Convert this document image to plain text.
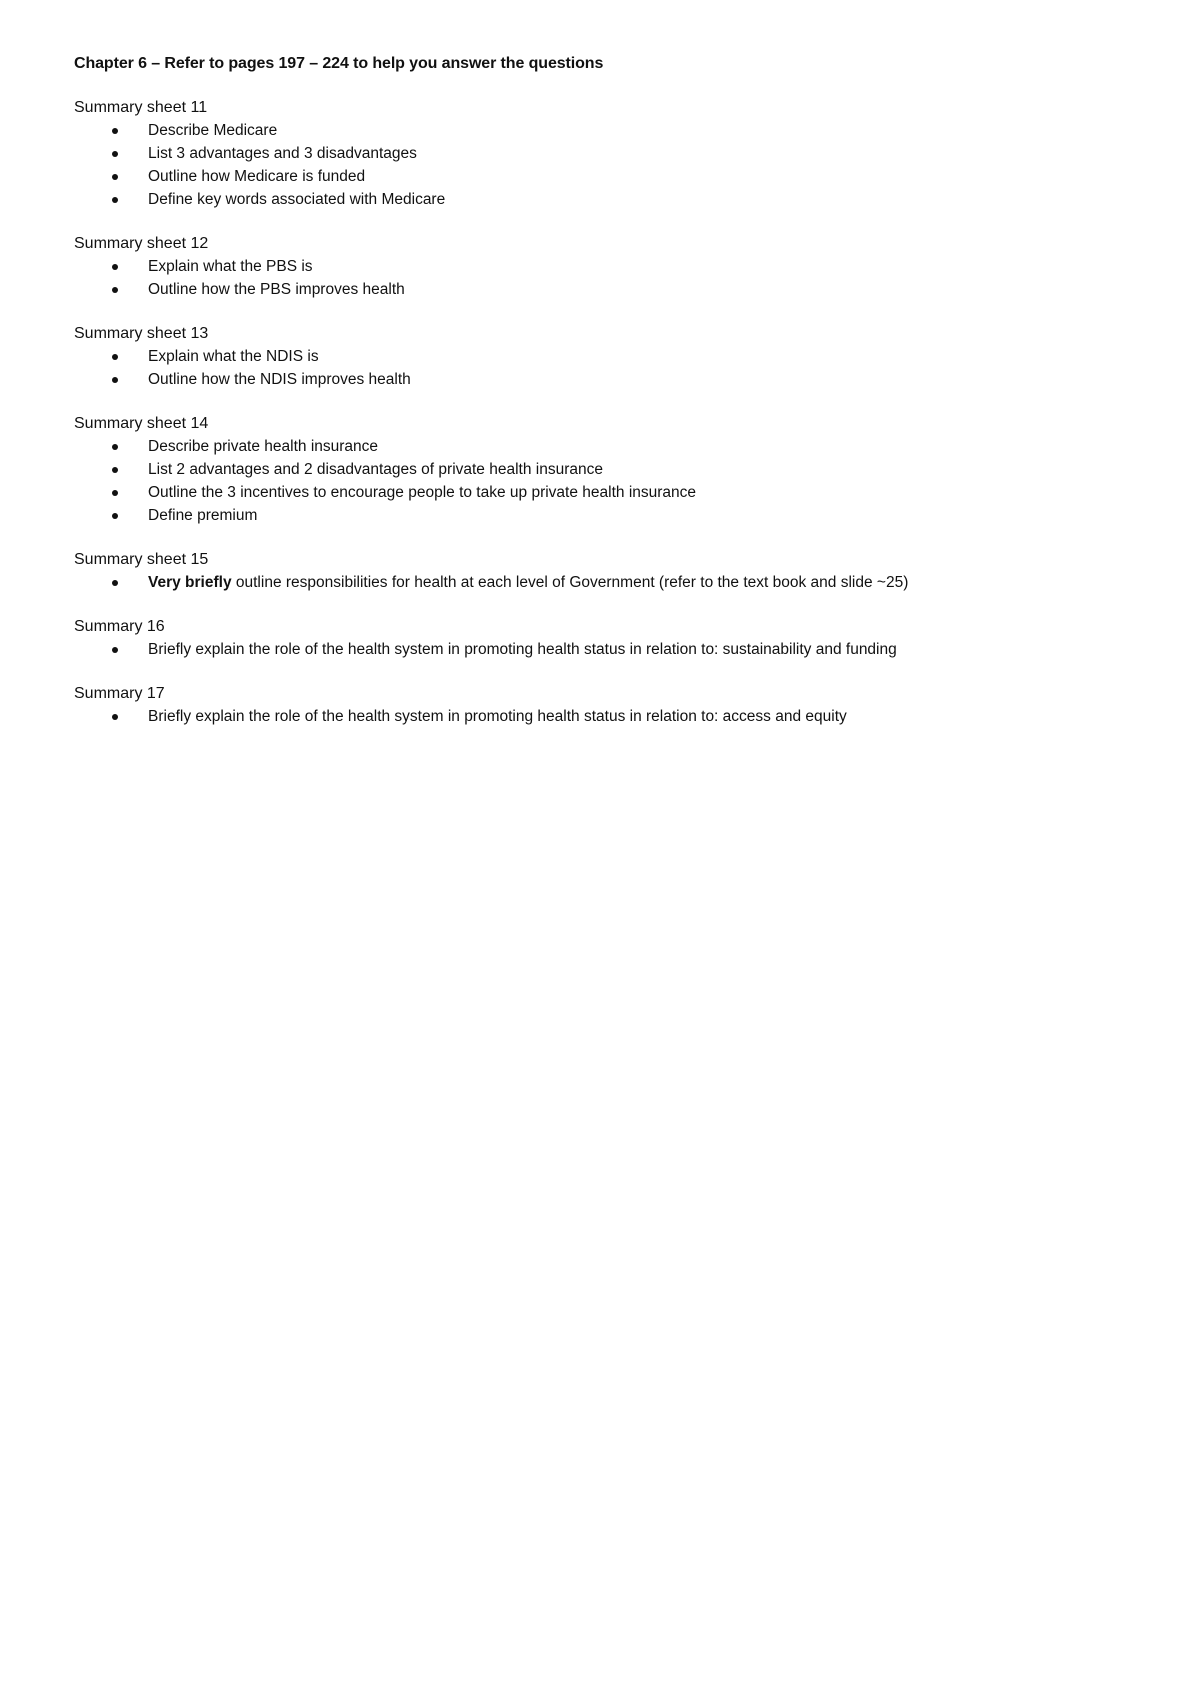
Chapter 6 – Refer to pages 197 – 224 to help you answer the questions
Summary sheet 11
Describe Medicare
List 3 advantages and 3 disadvantages
Outline how Medicare is funded
Define key words associated with Medicare
Summary sheet 12
Explain what the PBS is
Outline how the PBS improves health
Summary sheet 13
Explain what the NDIS is
Outline how the NDIS improves health
Summary sheet 14
Describe private health insurance
List 2 advantages and 2 disadvantages of private health insurance
Outline the 3 incentives to encourage people to take up private health insurance
Define premium
Summary sheet 15
Very briefly outline responsibilities for health at each level of Government (refer to the text book and slide ~25)
Summary 16
Briefly explain the role of the health system in promoting health status in relation to: sustainability and funding
Summary 17
Briefly explain the role of the health system in promoting health status in relation to: access and equity
